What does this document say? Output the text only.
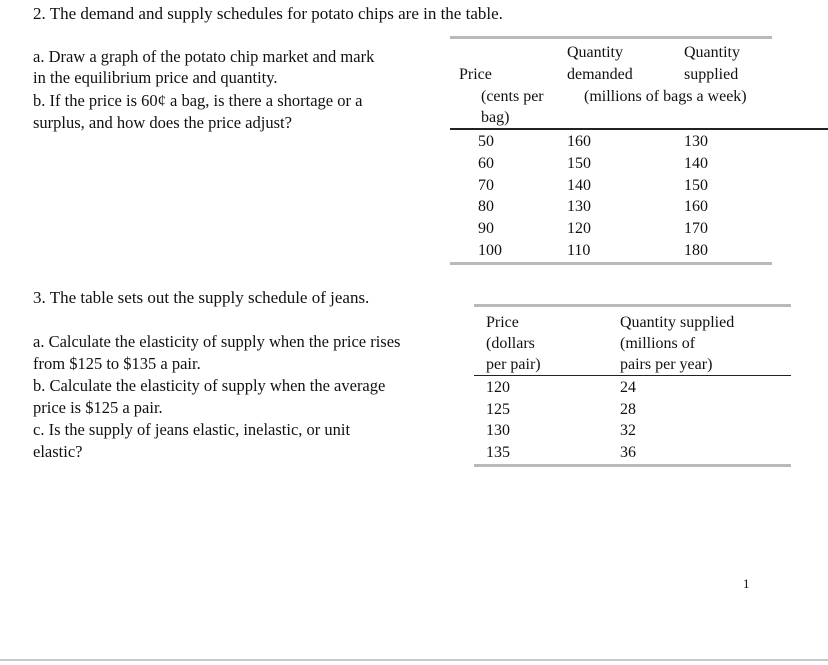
2. The demand and supply schedules for potato chips are in the table.
a. Draw a graph of the potato chip market and mark
in the equilibrium price and quantity.
b. If the price is 60¢ a bag, is there a shortage or a
surplus, and how does the price adjust?
Price
(cents per
bag)
Quantity
demanded
Quantity
supplied
(millions of bags a week)
50
60
70
80
90
100
160
150
140
130
120
110
130
140
150
160
170
180
3. The table sets out the supply schedule of jeans.
a. Calculate the elasticity of supply when the price rises
from $125 to $135 a pair.
b. Calculate the elasticity of supply when the average
price is $125 a pair.
c. Is the supply of jeans elastic, inelastic, or unit
elastic?
Price
(dollars
per pair)
Quantity supplied
(millions of
pairs per year)
120
125
130
135
24
28
32
36
1
